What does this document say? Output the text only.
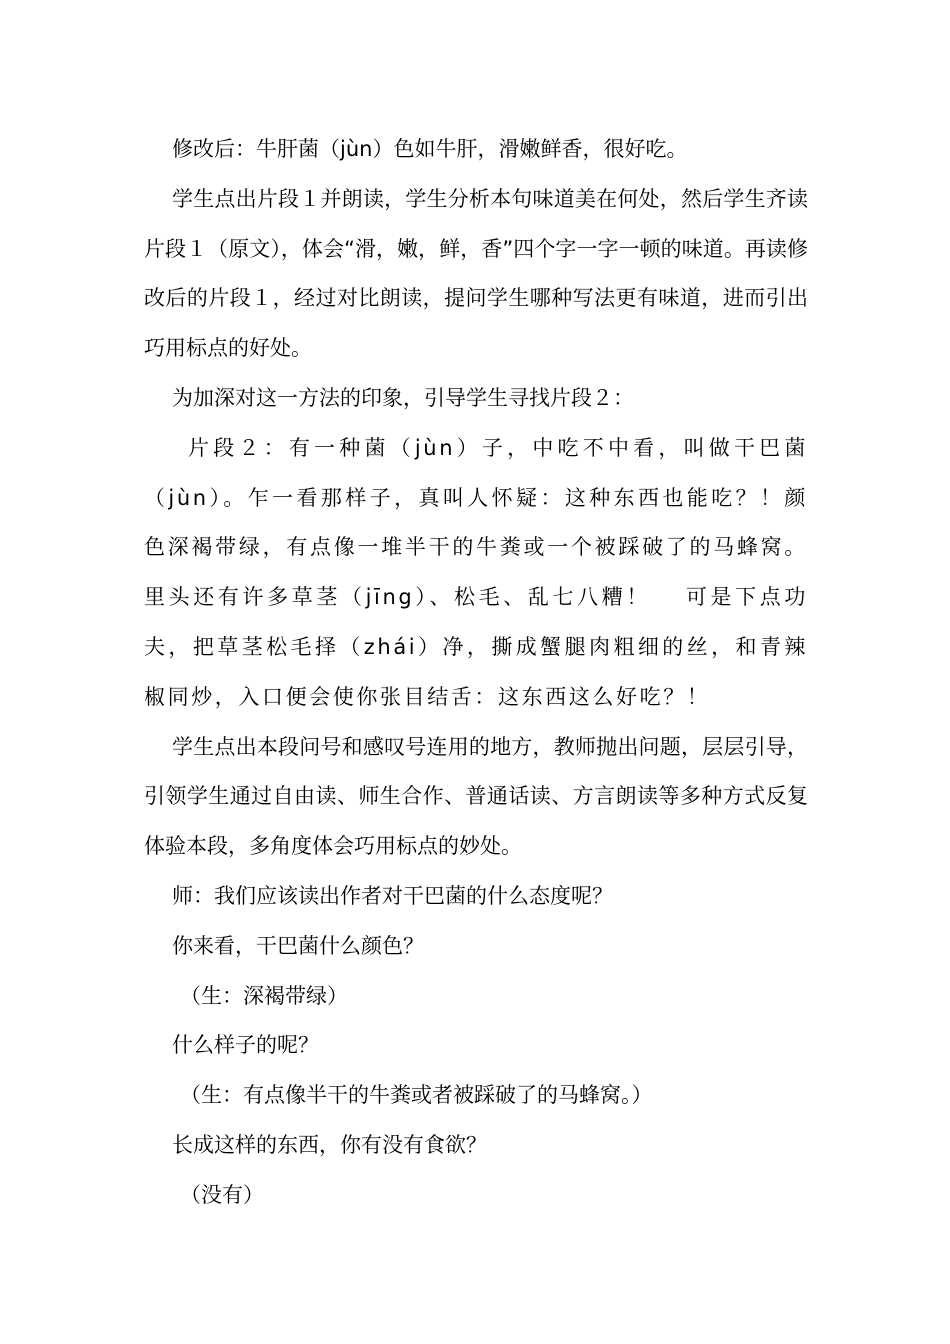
修改后：牛肝菌（jùn）色如牛肝，滑嫩鲜香，很好吃。

学生点出片段１并朗读，学生分析本句味道美在何处，然后学生齐读片段１（原文），体会“滑，嫩，鲜，香”四个字一字一顿的味道。再读修改后的片段１，经过对比朗读，提问学生哪种写法更有味道，进而引出巧用标点的好处。

为加深对这一方法的印象，引导学生寻找片段２：

片段２：有一种菌（jùn）子，中吃不中看，叫做干巴菌（jùn）。乍一看那样子，真叫人怀疑：这种东西也能吃？！颜色深褐带绿，有点像一堆半干的牛粪或一个被踩破了的马蜂窝。里头还有许多草茎（jīng）、松毛、乱七八糟！　 可是下点功夫，把草茎松毛择（zhái）净，撕成蟹腿肉粗细的丝，和青辣椒同炒，入口便会使你张目结舌：这东西这么好吃？！

学生点出本段问号和感叹号连用的地方，教师抛出问题，层层引导，引领学生通过自由读、师生合作、普通话读、方言朗读等多种方式反复体验本段，多角度体会巧用标点的妙处。

师：我们应该读出作者对干巴菌的什么态度呢？

你来看，干巴菌什么颜色？

（生：深褐带绿）

什么样子的呢？

（生：有点像半干的牛粪或者被踩破了的马蜂窝。）

长成这样的东西，你有没有食欲？

（没有）
